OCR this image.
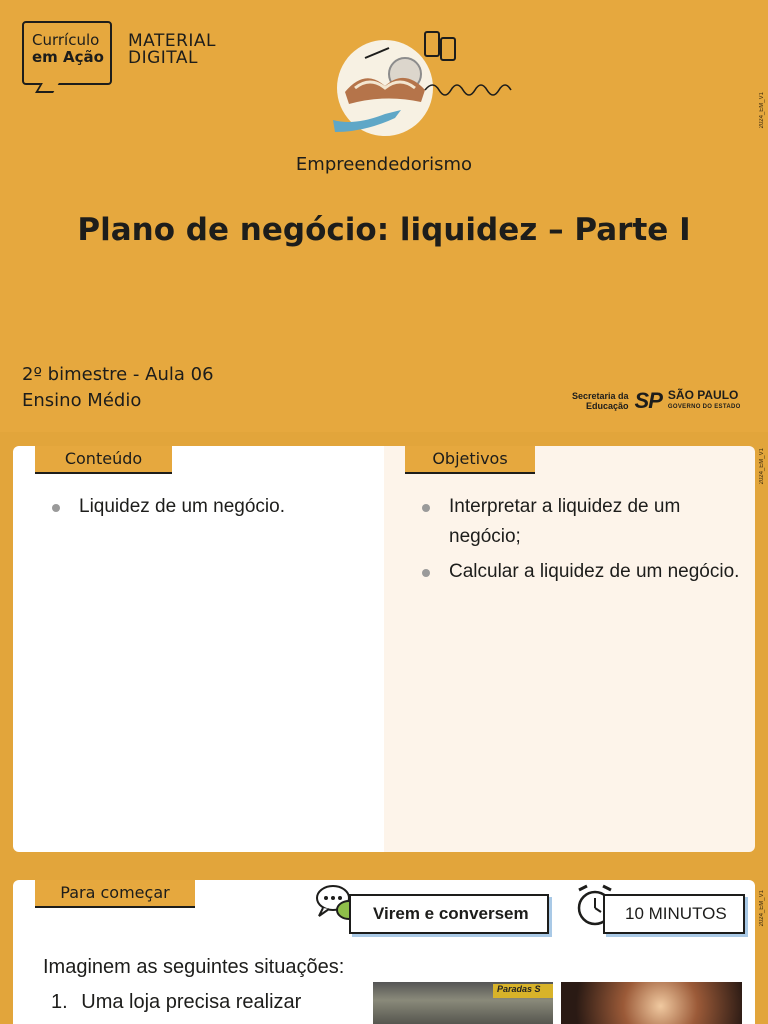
Currículo
em Ação
MATERIAL
DIGITAL
Empreendedorismo
Plano de negócio: liquidez – Parte I
2º bimestre - Aula 06
Ensino Médio	Secretaria da
Educação SP SÃO PAULO
GOVERNO DO ESTADO
2024_EM_V1
Conteúdo
Liquidez de um negócio.
Objetivos
Interpretar a liquidez de um negócio;
Calcular a liquidez de um negócio.
2024_EM_V1
Para começar
Virem e conversem	10 MINUTOS
Imaginem as seguintes situações:
1. Uma loja precisa realizar
Paradas S
2024_EM_V1
